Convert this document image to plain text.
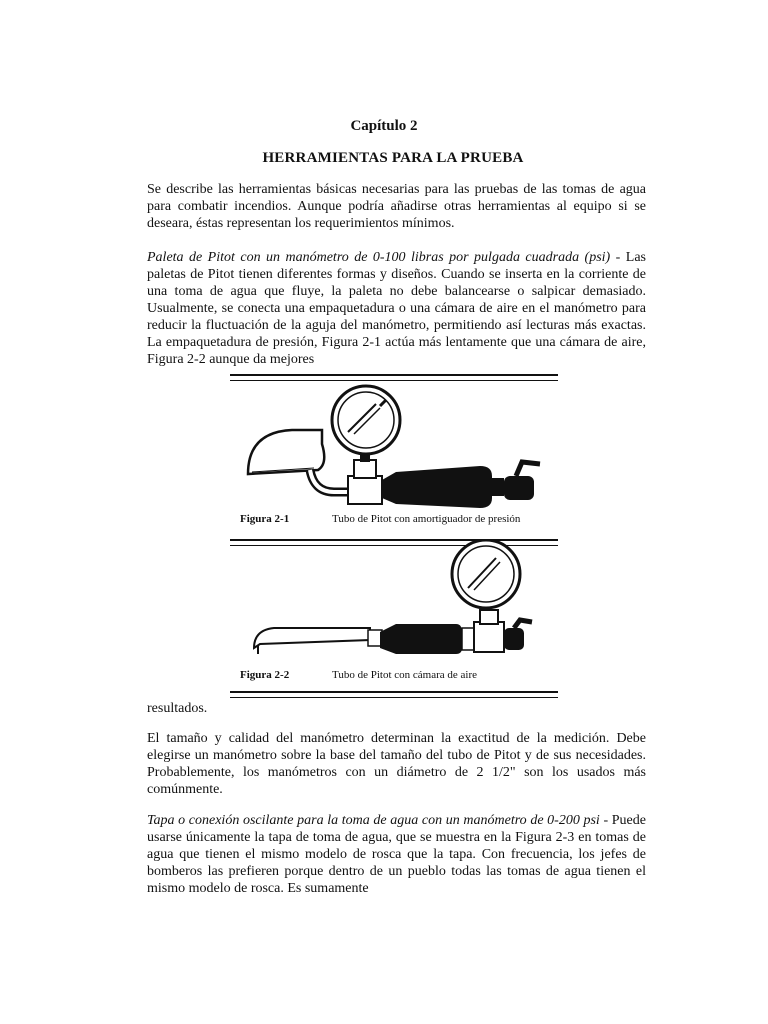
Capítulo 2
HERRAMIENTAS PARA LA PRUEBA
Se describe las herramientas básicas necesarias para las pruebas de las tomas de agua para combatir incendios. Aunque podría añadirse otras herramientas al equipo si se deseara, éstas representan los requerimientos mínimos.
Paleta de Pitot con un manómetro de 0-100 libras por pulgada cuadrada (psi) - Las paletas de Pitot tienen diferentes formas y diseños. Cuando se inserta en la corriente de una toma de agua que fluye, la paleta no debe balancearse o salpicar demasiado. Usualmente, se conecta una empaquetadura o una cámara de aire en el manómetro para reducir la fluctuación de la aguja del manómetro, permitiendo así lecturas más exactas. La empaquetadura de presión, Figura 2-1 actúa más lentamente que una cámara de aire, Figura 2-2 aunque da mejores
Figura 2-1	Tubo de Pitot con amortiguador de presión
Figura 2-2	Tubo de Pitot con cámara de aire
resultados.
El tamaño y calidad del manómetro determinan la exactitud de la medición. Debe elegirse un manómetro sobre la base del tamaño del tubo de Pitot y de sus necesidades. Probablemente, los manómetros con un diámetro de 2 1/2" son los usados más comúnmente.
Tapa o conexión oscilante para la toma de agua con un manómetro de 0-200 psi - Puede usarse únicamente la tapa de toma de agua, que se muestra en la Figura 2-3 en tomas de agua que tienen el mismo modelo de rosca que la tapa. Con frecuencia, los jefes de bomberos las prefieren porque dentro de un pueblo todas las tomas de agua tienen el mismo modelo de rosca. Es sumamente
